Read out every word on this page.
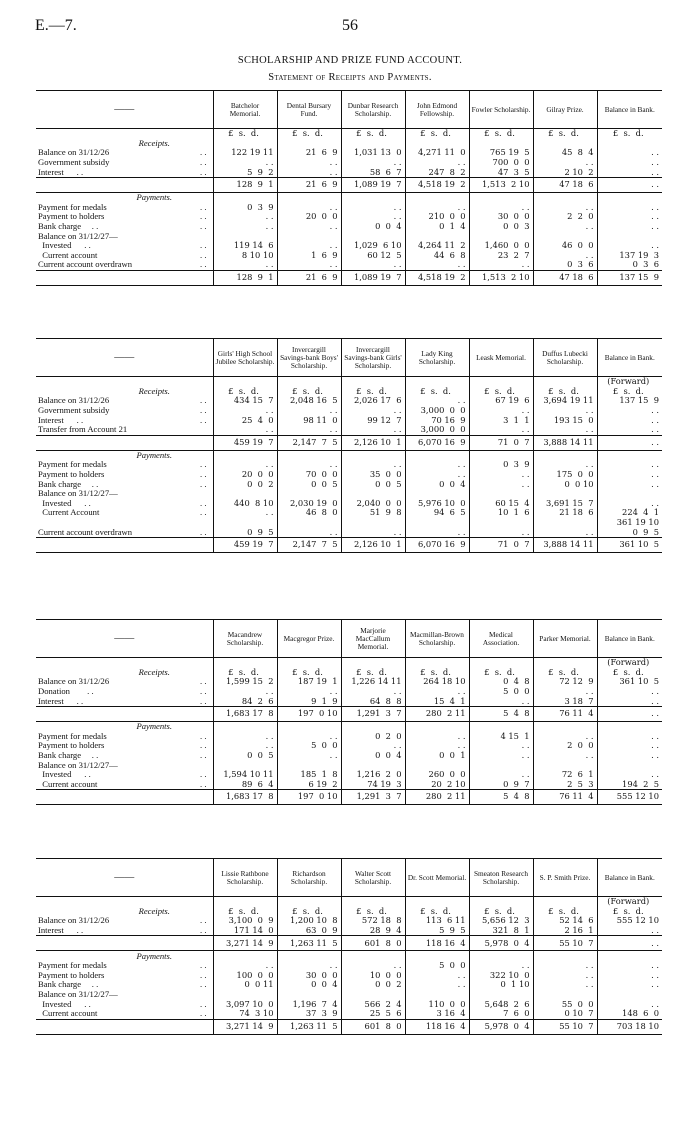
E.—7.	56
SCHOLARSHIP AND PRIZE FUND ACCOUNT.
Statement of Receipts and Payments.
——	Batchelor Memorial.	Dental Bursary Fund.	Dunbar Research Scholarship.	John Edmond Fellowship.	Fowler Scholarship.	Gilray Prize.	Balance in Bank.

	£  s.  d.	£  s.  d.	£  s.  d.	£  s.  d.	£  s.  d.	£  s.  d.	£  s.  d.
Receipts.							

Balance on 31/12/26 . .	122 19 11	21  6  9	1,031 13  0	4,271 11  0	765 19  5	45  8  4	. .

Government subsidy . .	. .	. .	. .	. .	700  0  0	. .	. .

Interest      . . . .	5  9  2	. .	58  6  7	247  8  2	47  3  5	2 10  2	. .

	128  9  1	21  6  9	1,089 19  7	4,518 19  2	1,513  2 10	47 18  6	. .
Payments.							

Payment for medals . .	0  3  9	. .	. .	. .	. .	. .	. .

Payment to holders . .	. .	20  0  0	. .	210  0  0	30  0  0	2  2  0	. .

Bank charge     . . . .	. .	. .	0  0  4	0  1  4	0  0  3	. .	. .

Balance on 31/12/27—							

Invested      . . . .	119 14  6	. .	1,029  6 10	4,264 11  2	1,460  0  0	46  0  0	. .

Current account . .	8 10 10	1  6  9	60 12  5	44  6  8	23  2  7	. .	137 19  3

Current account overdrawn . .	. .	. .	. .	. .	. .	0  3  6	0  3  6

	128  9  1	21  6  9	1,089 19  7	4,518 19  2	1,513  2 10	47 18  6	137 15  9
——	Girls' High School Jubilee Scholarship.	Invercargill Savings-bank Boys' Scholarship.	Invercargill Savings-bank Girls' Scholarship.	Lady King Scholarship.	Leask Memorial.	Duffus Lubecki Scholarship.	Balance in Bank.

							(Forward)
Receipts.	£  s.  d.	£  s.  d.	£  s.  d.	£  s.  d.	£  s.  d.	£  s.  d.	£  s.  d.

Balance on 31/12/26 . .	434 15  7	2,048 16  5	2,026 17  6	. .	67 19  6	3,694 19 11	137 15  9

Government subsidy . .	. .	. .	. .	3,000  0  0	. .	. .	. .

Interest      . . . .	25  4  0	98 11  0	99 12  7	70 16  9	3  1  1	193 15  0	. .

Transfer from Account 21	. .	. .	. .	3,000  0  0	. .	. .	. .

	459 19  7	2,147  7  5	2,126 10  1	6,070 16  9	71  0  7	3,888 14 11	. .
Payments.							

Payment for medals . .	. .	. .	. .	. .	0  3  9	. .	. .

Payment to holders . .	20  0  0	70  0  0	35  0  0	. .	. .	175  0  0	. .

Bank charge     . . . .	0  0  2	0  0  5	0  0  5	0  0  4	. .	0  0 10	. .

Balance on 31/12/27—							

Invested      . . . .	440  8 10	2,030 19  0	2,040  0  0	5,976 10  0	60 15  4	3,691 15  7	. .

Current Account . .	. .	46  8  0	51  9  8	94  6  5	10  1  6	21 18  6	224  4  1

							361 19 10

Current account overdrawn . .	0  9  5	. .	. .	. .	. .	. .	0  9  5

	459 19  7	2,147  7  5	2,126 10  1	6,070 16  9	71  0  7	3,888 14 11	361 10  5
——	Macandrew Scholarship.	Macgregor Prize.	Marjorie MacCallum Memorial.	Macmillan-Brown Scholarship.	Medical Association.	Parker Memorial.	Balance in Bank.

							(Forward)
Receipts.	£  s.  d.	£  s.  d.	£  s.  d.	£  s.  d.	£  s.  d.	£  s.  d.	£  s.  d.

Balance on 31/12/26 . .	1,599 15  2	187 19  1	1,226 14 11	264 18 10	0  4  8	72 12  9	361 10  5

Donation        . . . .	. .	. .	. .	. .	5  0  0	. .	. .

Interest      . . . .	84  2  6	9  1  9	64  8  8	15  4  1	. .	3 18  7	. .

	1,683 17  8	197  0 10	1,291  3  7	280  2 11	5  4  8	76 11  4	. .
Payments.							

Payment for medals . .	. .	. .	0  2  0	. .	4 15  1	. .	. .

Payment to holders . .	. .	5  0  0	. .	. .	. .	2  0  0	. .

Bank charge     . . . .	0  0  5	. .	0  0  4	0  0  1	. .	. .	. .

Balance on 31/12/27—							

Invested      . . . .	1,594 10 11	185  1  8	1,216  2  0	260  0  0	. .	72  6  1	. .

Current account . .	89  6  4	6 19  2	74 19  3	20  2 10	0  9  7	2  5  3	194  2  5

	1,683 17  8	197  0 10	1,291  3  7	280  2 11	5  4  8	76 11  4	555 12 10
——	Lissie Rathbone Scholarship.	Richardson Scholarship.	Walter Scott Scholarship.	Dr. Scott Memorial.	Smeaton Research Scholarship.	S. P. Smith Prize.	Balance in Bank.

							(Forward)
Receipts.	£  s.  d.	£  s.  d.	£  s.  d.	£  s.  d.	£  s.  d.	£  s.  d.	£  s.  d.

Balance on 31/12/26 . .	3,100  0  9	1,200 10  8	572 18  8	113  6 11	5,656 12  3	52 14  6	555 12 10

Interest      . . . .	171 14  0	63  0  9	28  9  4	5  9  5	321  8  1	2 16  1	. .

	3,271 14  9	1,263 11  5	601  8  0	118 16  4	5,978  0  4	55 10  7	. .
Payments.							

Payment for medals . .	. .	. .	. .	5  0  0	. .	. .	. .

Payment to holders . .	100  0  0	30  0  0	10  0  0	. .	322 10  0	. .	. .

Bank charge     . . . .	0  0 11	0  0  4	0  0  2	. .	0  1 10	. .	. .

Balance on 31/12/27—							

Invested      . . . .	3,097 10  0	1,196  7  4	566  2  4	110  0  0	5,648  2  6	55  0  0	. .

Current account . .	74  3 10	37  3  9	25  5  6	3 16  4	7  6  0	0 10  7	148  6  0

	3,271 14  9	1,263 11  5	601  8  0	118 16  4	5,978  0  4	55 10  7	703 18 10
